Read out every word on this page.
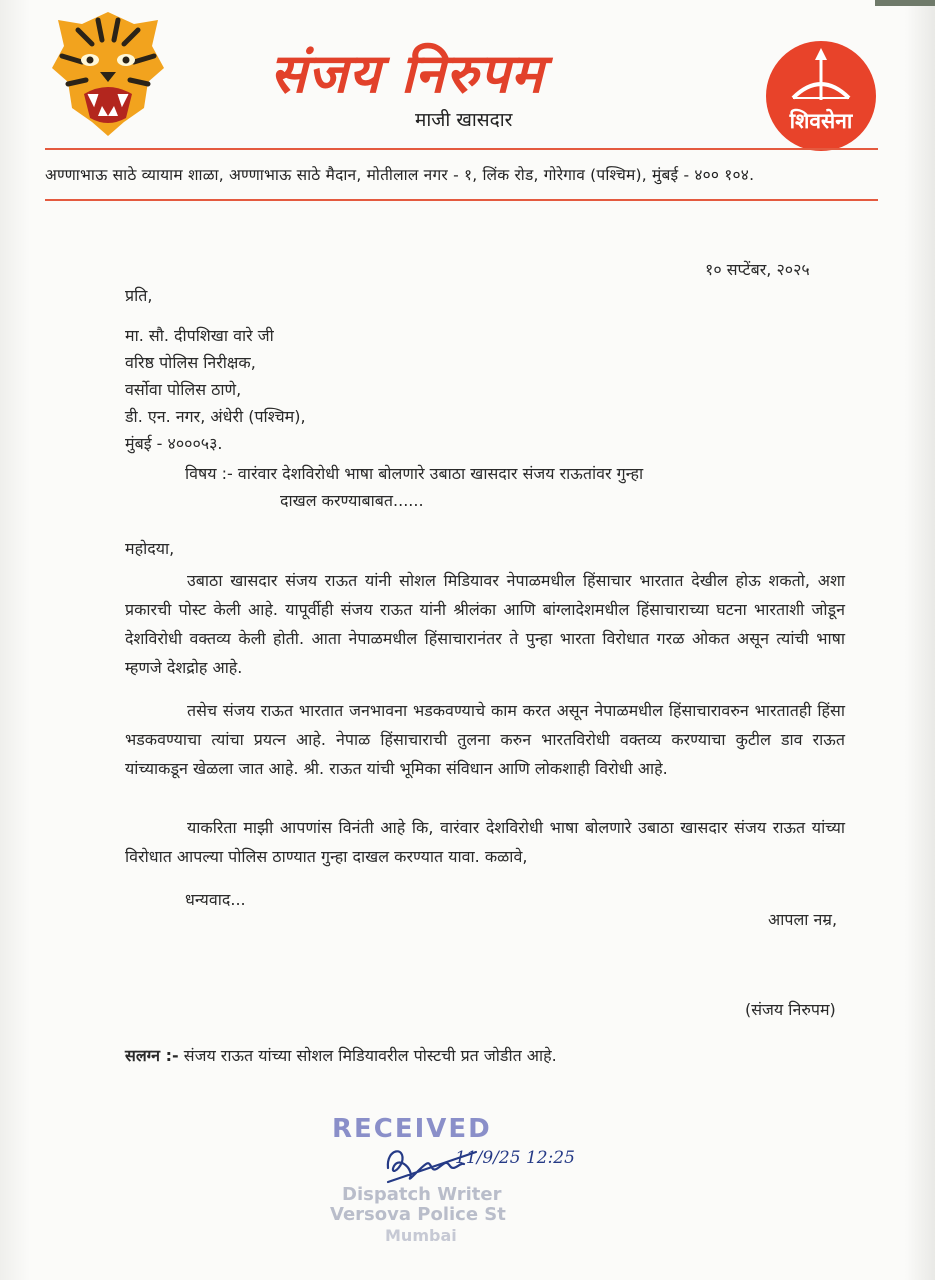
संजय निरुपम
माजी खासदार	शिवसेना
अण्णाभाऊ साठे व्यायाम शाळा, अण्णाभाऊ साठे मैदान, मोतीलाल नगर - १, लिंक रोड, गोरेगाव (पश्चिम), मुंबई - ४०० १०४.
१० सप्टेंबर, २०२५
प्रति,
मा. सौ. दीपशिखा वारे जी
वरिष्ठ पोलिस निरीक्षक,
वर्सोवा पोलिस ठाणे,
डी. एन. नगर, अंधेरी (पश्चिम),
मुंबई - ४०००५३.
विषय :- वारंवार देशविरोधी भाषा बोलणारे उबाठा खासदार संजय राऊतांवर गुन्हा
दाखल करण्याबाबत......
महोदया,
उबाठा खासदार संजय राऊत यांनी सोशल मिडियावर नेपाळमधील हिंसाचार भारतात देखील होऊ शकतो, अशा प्रकारची पोस्ट केली आहे. यापूर्वीही संजय राऊत यांनी श्रीलंका आणि बांग्लादेशमधील हिंसाचाराच्या घटना भारताशी जोडून देशविरोधी वक्तव्य केली होती. आता नेपाळमधील हिंसाचारानंतर ते पुन्हा भारता विरोधात गरळ ओकत असून त्यांची भाषा म्हणजे देशद्रोह आहे.
तसेच संजय राऊत भारतात जनभावना भडकवण्याचे काम करत असून नेपाळमधील हिंसाचारावरुन भारतातही हिंसा भडकवण्याचा त्यांचा प्रयत्न आहे. नेपाळ हिंसाचाराची तुलना करुन भारतविरोधी वक्तव्य करण्याचा कुटील डाव राऊत यांच्याकडून खेळला जात आहे. श्री. राऊत यांची भूमिका संविधान आणि लोकशाही विरोधी आहे.
याकरिता माझी आपणांस विनंती आहे कि, वारंवार देशविरोधी भाषा बोलणारे उबाठा खासदार संजय राऊत यांच्या विरोधात आपल्या पोलिस ठाण्यात गुन्हा दाखल करण्यात यावा. कळावे,
धन्यवाद...
आपला नम्र,
(संजय निरुपम)
सलग्न :- संजय राऊत यांच्या सोशल मिडियावरील पोस्टची प्रत जोडीत आहे.
RECEIVED
11/9/25 12:25
Dispatch Writer
Versova Police St
Mumbai
